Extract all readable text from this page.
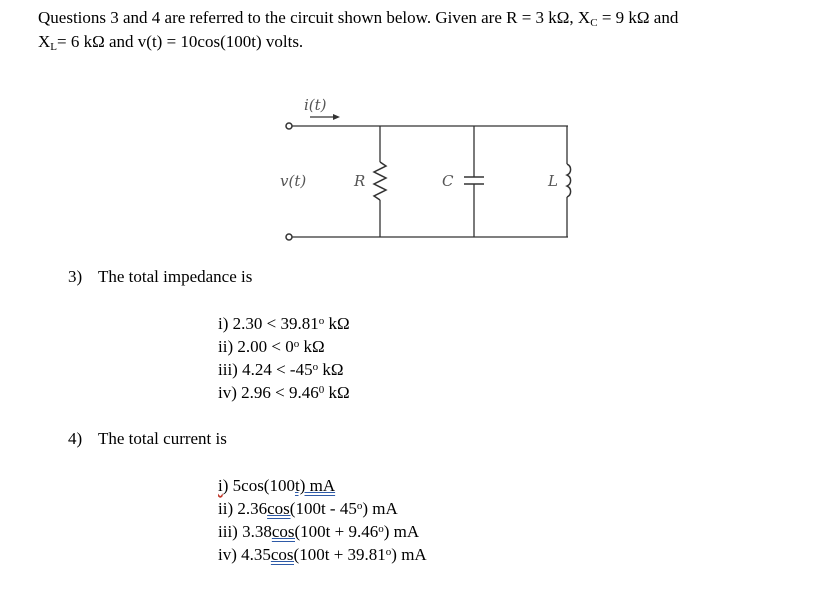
Questions 3 and 4 are referred to the circuit shown below. Given are R = 3 kΩ, $X_C = 9$ kΩ and
$X_L= 6$ kΩ and v(t) = 10cos(100t) volts.
i(t)
v(t)	R	C	L
3) The total impedance is
i) $2.30 < 39.81^o$ kΩ
ii) $2.00 < 0^o$ kΩ
iii) $4.24 < -45^o$ kΩ
iv) $2.96 < 9.46^0$ kΩ
4) The total current is
i) 5cos(100t) mA
ii) 2.36cos(100t - 45$^o$) mA
iii) $3.38\cos(100t + 9.46^o)$ mA
iv) $4.35\cos(100t + 39.81^o)$ mA
